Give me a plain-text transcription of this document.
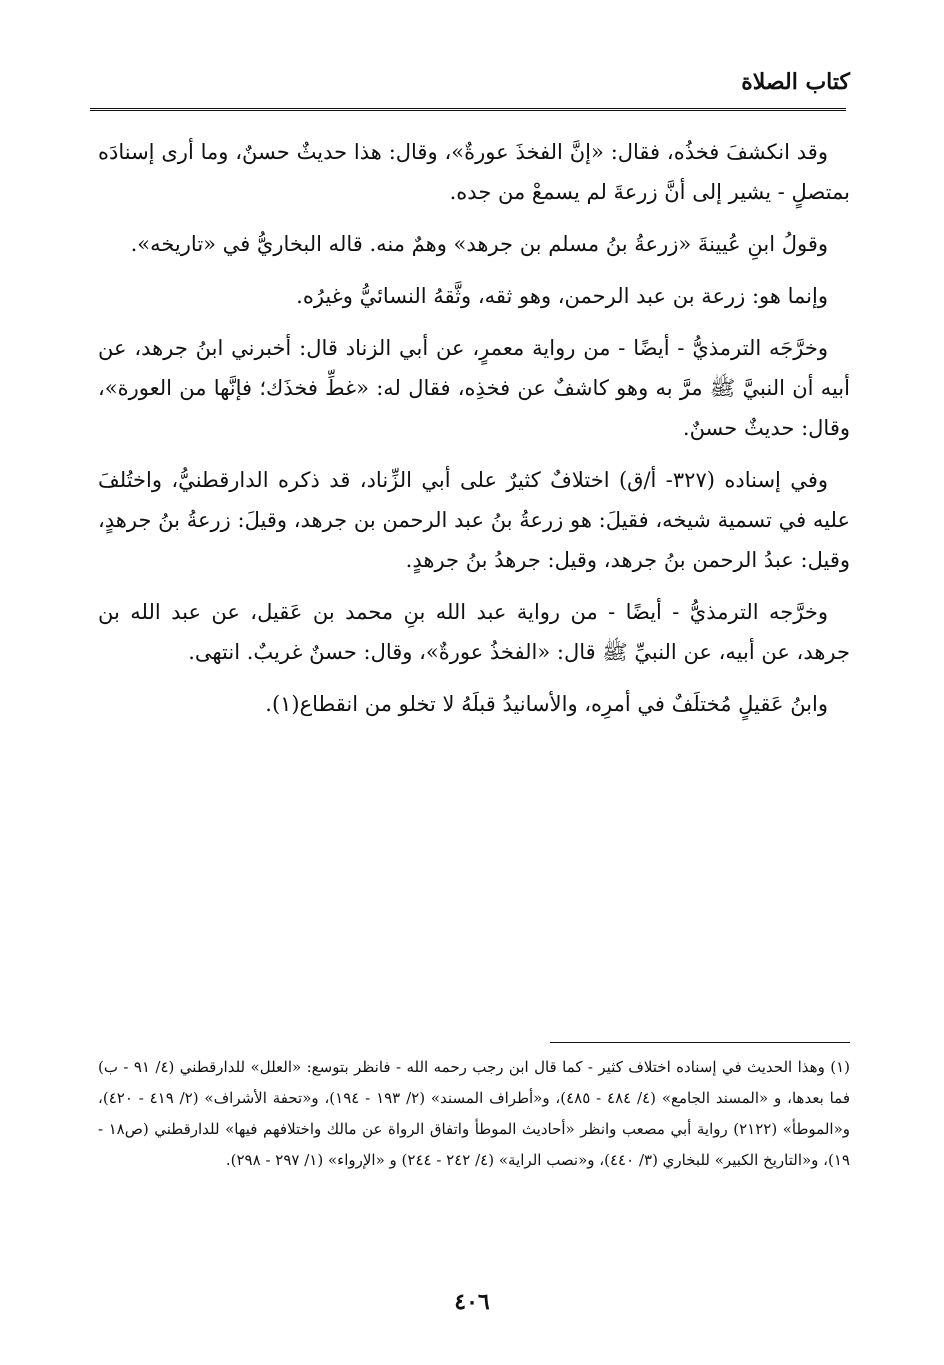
كتاب الصلاة

وقد انكشفَ فخذُه، فقال: «إنَّ الفخذَ عورةٌ»، وقال: هذا حديثٌ حسنٌ، وما أرى إسنادَه بمتصلٍ - يشير إلى أنَّ زرعةَ لم يسمعْ من جده.

وقولُ ابنِ عُيينةَ «زرعةُ بنُ مسلم بن جرهد» وهمٌ منه. قاله البخاريُّ في «تاريخه».

وإنما هو: زرعة بن عبد الرحمن، وهو ثقه، وثَّقهُ النسائيُّ وغيرُه.

وخرَّجَه الترمذيُّ - أيضًا - من رواية معمرٍ، عن أبي الزناد قال: أخبرني ابنُ جرهد، عن أبيه أن النبيَّ ﷺ مرَّ به وهو كاشفٌ عن فخذِه، فقال له: «غطِّ فخذَك؛ فإنَّها من العورة»، وقال: حديثٌ حسنٌ.

وفي إسناده (٣٢٧- أ/ق) اختلافٌ كثيرٌ على أبي الزِّناد، قد ذكره الدارقطنيُّ، واختُلفَ عليه في تسمية شيخه، فقيلَ: هو زرعةُ بنُ عبد الرحمن بن جرهد، وقيلَ: زرعةُ بنُ جرهدٍ، وقيل: عبدُ الرحمن بنُ جرهد، وقيل: جرهدُ بنُ جرهدٍ.

وخرَّجه الترمذيُّ - أيضًا - من رواية عبد الله بنِ محمد بن عَقيل، عن عبد الله بن جرهد، عن أبيه، عن النبيِّ ﷺ قال: «الفخذُ عورةٌ»، وقال: حسنٌ غريبٌ. انتهى.

وابنُ عَقيلٍ مُختلَفٌ في أمرِه، والأسانيدُ قبلَهُ لا تخلو من انقطاع(١).

(١) وهذا الحديث في إسناده اختلاف كثير - كما قال ابن رجب رحمه الله - فانظر بتوسع: «العلل» للدارقطني (٤/ ٩١ - ب) فما بعدها، و «المسند الجامع» (٤/ ٤٨٤ - ٤٨٥)، و«أطراف المسند» (٢/ ١٩٣ - ١٩٤)، و«تحفة الأشراف» (٢/ ٤١٩ - ٤٢٠)، و«الموطأ» (٢١٢٢) رواية أبي مصعب وانظر «أحاديث الموطأ واتفاق الرواة عن مالك واختلافهم فيها» للدارقطني (ص١٨ - ١٩)، و«التاريخ الكبير» للبخاري (٣/ ٤٤٠)، و«نصب الراية» (٤/ ٢٤٢ - ٢٤٤) و «الإرواء» (١/ ٢٩٧ - ٢٩٨).

٤٠٦
